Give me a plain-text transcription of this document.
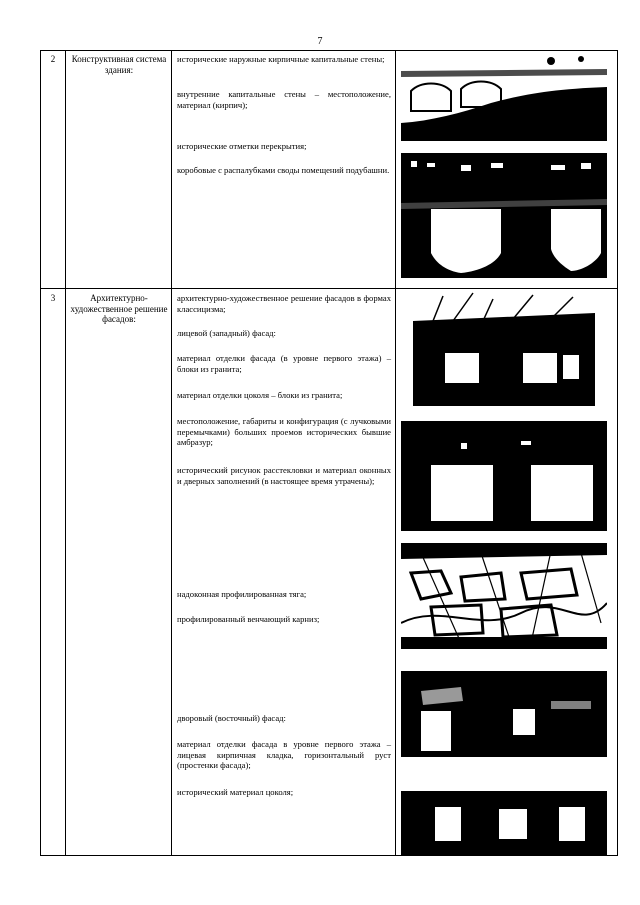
7
2	Конструктивная система здания:
исторические наружные кирпичные капитальные стены;
внутренние капитальные стены – местоположение, материал (кирпич);
исторические отметки перекрытия;
коробовые с распалубками своды помещений подубашни.
3	Архитектурно-художественное решение фасадов:
архитектурно-художественное решение фасадов в формах классицизма;
лицевой (западный) фасад:
материал отделки фасада (в уровне первого этажа) – блоки из гранита;
материал отделки цоколя – блоки из гранита;
местоположение, габариты и конфигурация (с лучковыми перемычками) больших проемов исторических бывшие амбразур;
исторический рисунок расстекловки и материал оконных и дверных заполнений (в настоящее время утрачены);
надоконная профилированная тяга;
профилированный венчающий карниз;
дворовый (восточный) фасад:
материал отделки фасада в уровне первого этажа – лицевая кирпичная кладка, горизонтальный руст (простенки фасада);
исторический материал цоколя;
